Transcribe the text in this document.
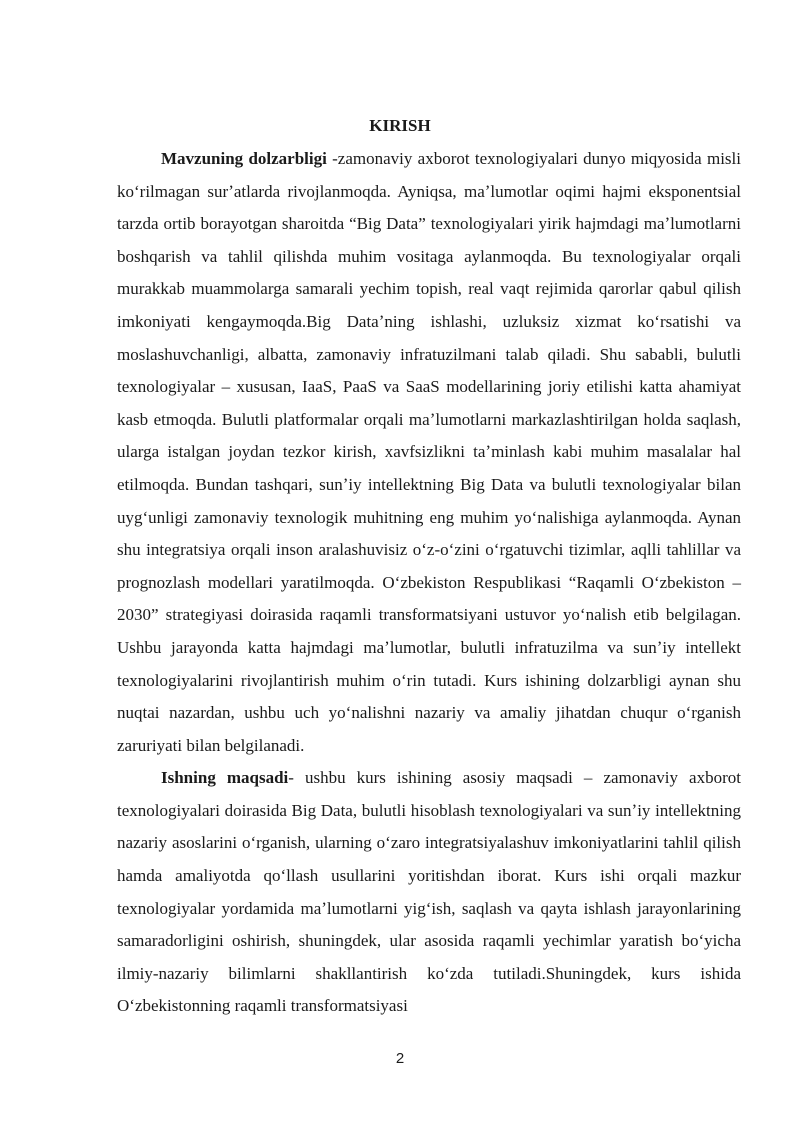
KIRISH

Mavzuning dolzarbligi -zamonaviy axborot texnologiyalari dunyo miqyosida misli koʻrilmagan surʼatlarda rivojlanmoqda. Ayniqsa, maʼlumotlar oqimi hajmi eksponentsial tarzda ortib borayotgan sharoitda “Big Data” texnologiyalari yirik hajmdagi maʼlumotlarni boshqarish va tahlil qilishda muhim vositaga aylanmoqda. Bu texnologiyalar orqali murakkab muammolarga samarali yechim topish, real vaqt rejimida qarorlar qabul qilish imkoniyati kengaymoqda.Big Dataʼning ishlashi, uzluksiz xizmat koʻrsatishi va moslashuvchanligi, albatta, zamonaviy infratuzilmani talab qiladi. Shu sababli, bulutli texnologiyalar – xususan, IaaS, PaaS va SaaS modellarining joriy etilishi katta ahamiyat kasb etmoqda. Bulutli platformalar orqali maʼlumotlarni markazlashtirilgan holda saqlash, ularga istalgan joydan tezkor kirish, xavfsizlikni taʼminlash kabi muhim masalalar hal etilmoqda. Bundan tashqari, sunʼiy intellektning Big Data va bulutli texnologiyalar bilan uygʻunligi zamonaviy texnologik muhitning eng muhim yoʻnalishiga aylanmoqda. Aynan shu integratsiya orqali inson aralashuvisiz oʻz-oʻzini oʻrgatuvchi tizimlar, aqlli tahlillar va prognozlash modellari yaratilmoqda. Oʻzbekiston Respublikasi “Raqamli Oʻzbekiston – 2030” strategiyasi doirasida raqamli transformatsiyani ustuvor yoʻnalish etib belgilagan. Ushbu jarayonda katta hajmdagi maʼlumotlar, bulutli infratuzilma va sunʼiy intellekt texnologiyalarini rivojlantirish muhim oʻrin tutadi. Kurs ishining dolzarbligi aynan shu nuqtai nazardan, ushbu uch yoʻnalishni nazariy va amaliy jihatdan chuqur oʻrganish zaruriyati bilan belgilanadi.

Ishning maqsadi- ushbu kurs ishining asosiy maqsadi – zamonaviy axborot texnologiyalari doirasida Big Data, bulutli hisoblash texnologiyalari va sunʼiy intellektning nazariy asoslarini oʻrganish, ularning oʻzaro integratsiyalashuv imkoniyatlarini tahlil qilish hamda amaliyotda qoʻllash usullarini yoritishdan iborat. Kurs ishi orqali mazkur texnologiyalar yordamida maʼlumotlarni yigʻish, saqlash va qayta ishlash jarayonlarining samaradorligini oshirish, shuningdek, ular asosida raqamli yechimlar yaratish boʻyicha ilmiy-nazariy bilimlarni shakllantirish koʻzda tutiladi.Shuningdek, kurs ishida Oʻzbekistonning raqamli transformatsiyasi

2
